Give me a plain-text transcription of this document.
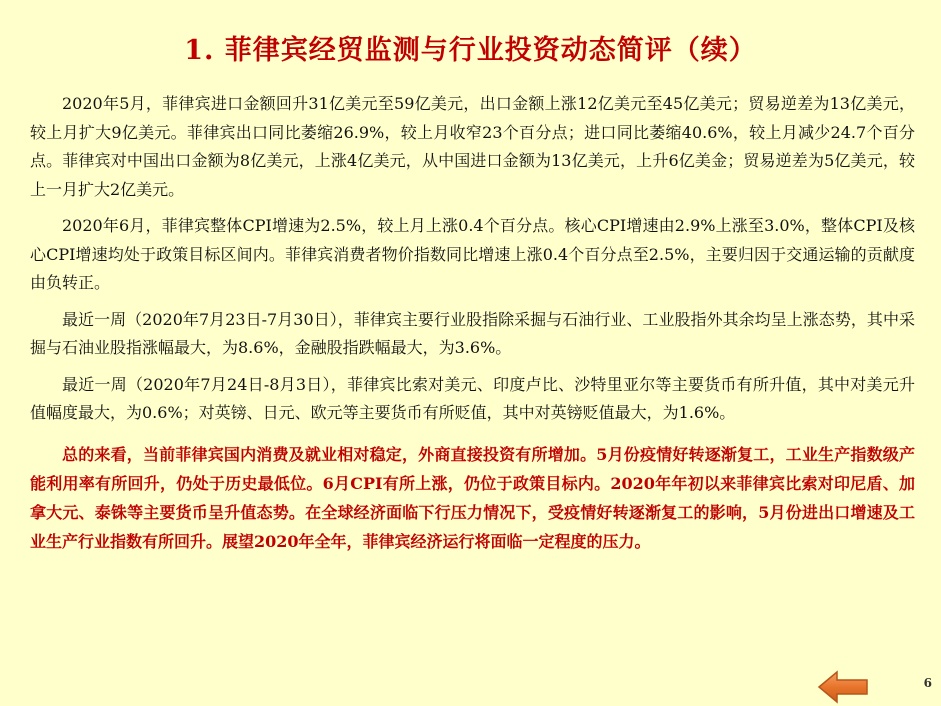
1. 菲律宾经贸监测与行业投资动态简评（续）

2020年5月，菲律宾进口金额回升31亿美元至59亿美元，出口金额上涨12亿美元至45亿美元；贸易逆差为13亿美元，较上月扩大9亿美元。菲律宾出口同比萎缩26.9%，较上月收窄23个百分点；进口同比萎缩40.6%，较上月减少24.7个百分点。菲律宾对中国出口金额为8亿美元，上涨4亿美元，从中国进口金额为13亿美元，上升6亿美金；贸易逆差为5亿美元，较上一月扩大2亿美元。

2020年6月，菲律宾整体CPI增速为2.5%，较上月上涨0.4个百分点。核心CPI增速由2.9%上涨至3.0%，整体CPI及核心CPI增速均处于政策目标区间内。菲律宾消费者物价指数同比增速上涨0.4个百分点至2.5%，主要归因于交通运输的贡献度由负转正。

最近一周（2020年7月23日-7月30日），菲律宾主要行业股指除采掘与石油行业、工业股指外其余均呈上涨态势，其中采掘与石油业股指涨幅最大，为8.6%，金融股指跌幅最大，为3.6%。

最近一周（2020年7月24日-8月3日），菲律宾比索对美元、印度卢比、沙特里亚尔等主要货币有所升值，其中对美元升值幅度最大，为0.6%；对英镑、日元、欧元等主要货币有所贬值，其中对英镑贬值最大，为1.6%。

总的来看，当前菲律宾国内消费及就业相对稳定，外商直接投资有所增加。5月份疫情好转逐渐复工，工业生产指数级产能利用率有所回升，仍处于历史最低位。6月CPI有所上涨，仍位于政策目标内。2020年年初以来菲律宾比索对印尼盾、加拿大元、泰铢等主要货币呈升值态势。在全球经济面临下行压力情况下，受疫情好转逐渐复工的影响，5月份进出口增速及工业生产行业指数有所回升。展望2020年全年，菲律宾经济运行将面临一定程度的压力。

6
